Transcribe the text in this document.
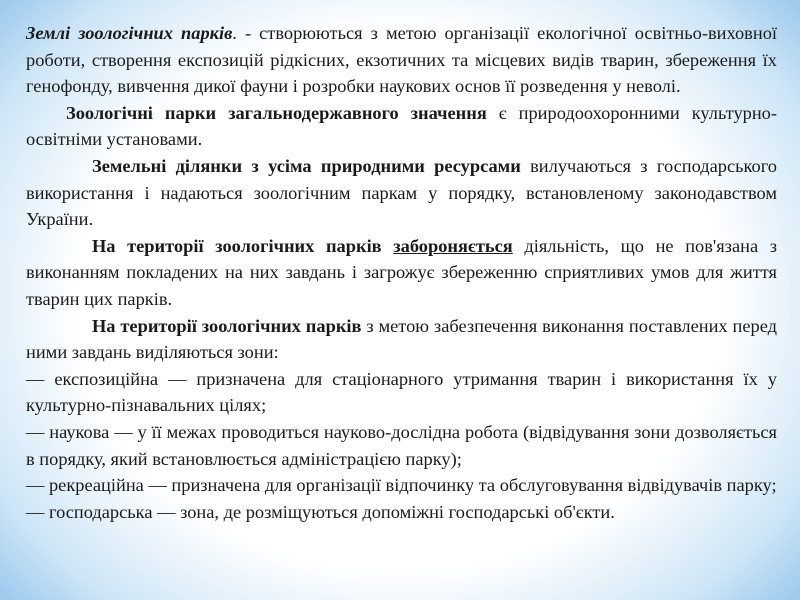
Землі зоологічних парків. - створюються з метою організації екологічної освітньо-виховної роботи, створення експозицій рідкісних, екзотичних та місцевих видів тварин, збереження їх генофонду, вивчення дикої фауни і розробки наукових основ її розведення у неволі.

Зоологічні парки загальнодержавного значення є природоохоронними культурно-освітніми установами.

Земельні ділянки з усіма природними ресурсами вилучаються з господарського використання і надаються зоологічним паркам у порядку, встановленому законодавством України.

На території зоологічних парків забороняється діяльність, що не пов'язана з виконанням покладених на них завдань і загрожує збереженню сприятливих умов для життя тварин цих парків.

На території зоологічних парків з метою забезпечення виконання поставлених перед ними завдань виділяються зони:

— експозиційна — призначена для стаціонарного утримання тварин і використання їх у культурно-пізнавальних цілях;

— наукова — у її межах проводиться науково-дослідна робота (відвідування зони дозволяється в порядку, який встановлюється адміністрацією парку);

— рекреаційна — призначена для організації відпочинку та обслуговування відвідувачів парку;

— господарська — зона, де розміщуються допоміжні господарські об'єкти.
